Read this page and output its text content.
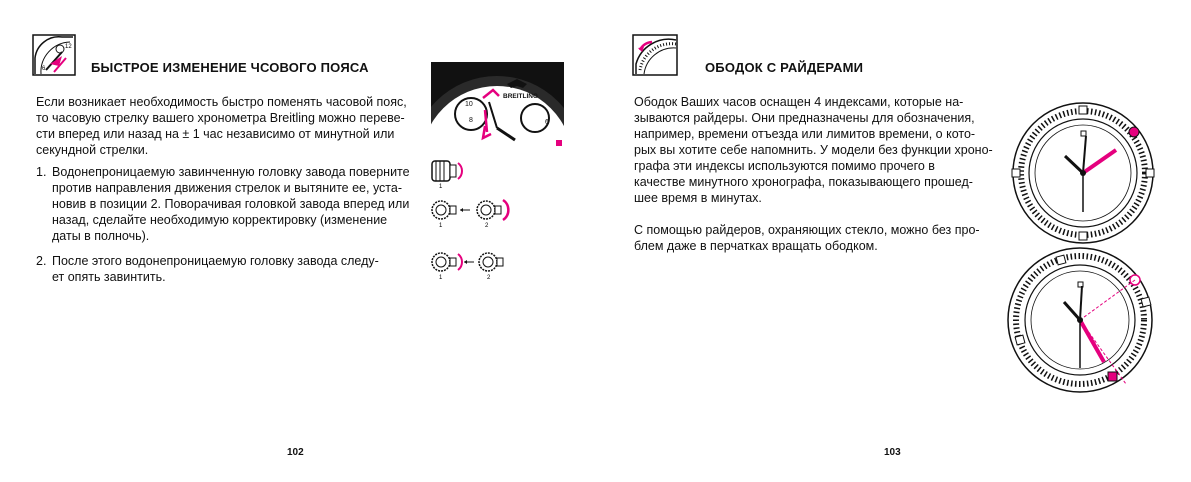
12
6	БЫСТРОЕ ИЗМЕНЕНИЕ ЧСОВОГО ПОЯСА

Если возникает необходимость быстро поменять часовой пояс,

то часовую стрелку вашего хронометра Breitling можно переве-

сти вперед или назад на ± 1 час независимо от минутной или

секундной стрелки.

1. Водонепроницаемую завинченную головку завода поверните

против направления движения стрелок и вытяните ее, уста-

новив в позиции 2. Поворачивая головкой завода вперед или

назад, сделайте необходимую корректировку (изменение

даты в полночь).

2. После этого водонепроницаемую головку завода следу-

ет опять завинтить.

10
8	6
BREITLING
1
1	2
1	2
102
ОБОДОК С РАЙДЕРАМИ

Ободок Ваших часов оснащен 4 индексами, которые на-

зываются райдеры. Они предназначены для обозначения,

например, времени отъезда или лимитов времени, о кото-

рых вы хотите себе напомнить. У модели без функции хроно-

графа эти индексы используются помимо прочего в

качестве минутного хронографа, показывающего прошед-

шее время в минутах.

С помощью райдеров, охраняющих стекло, можно без про-

блем даже в перчатках вращать ободком.

103
